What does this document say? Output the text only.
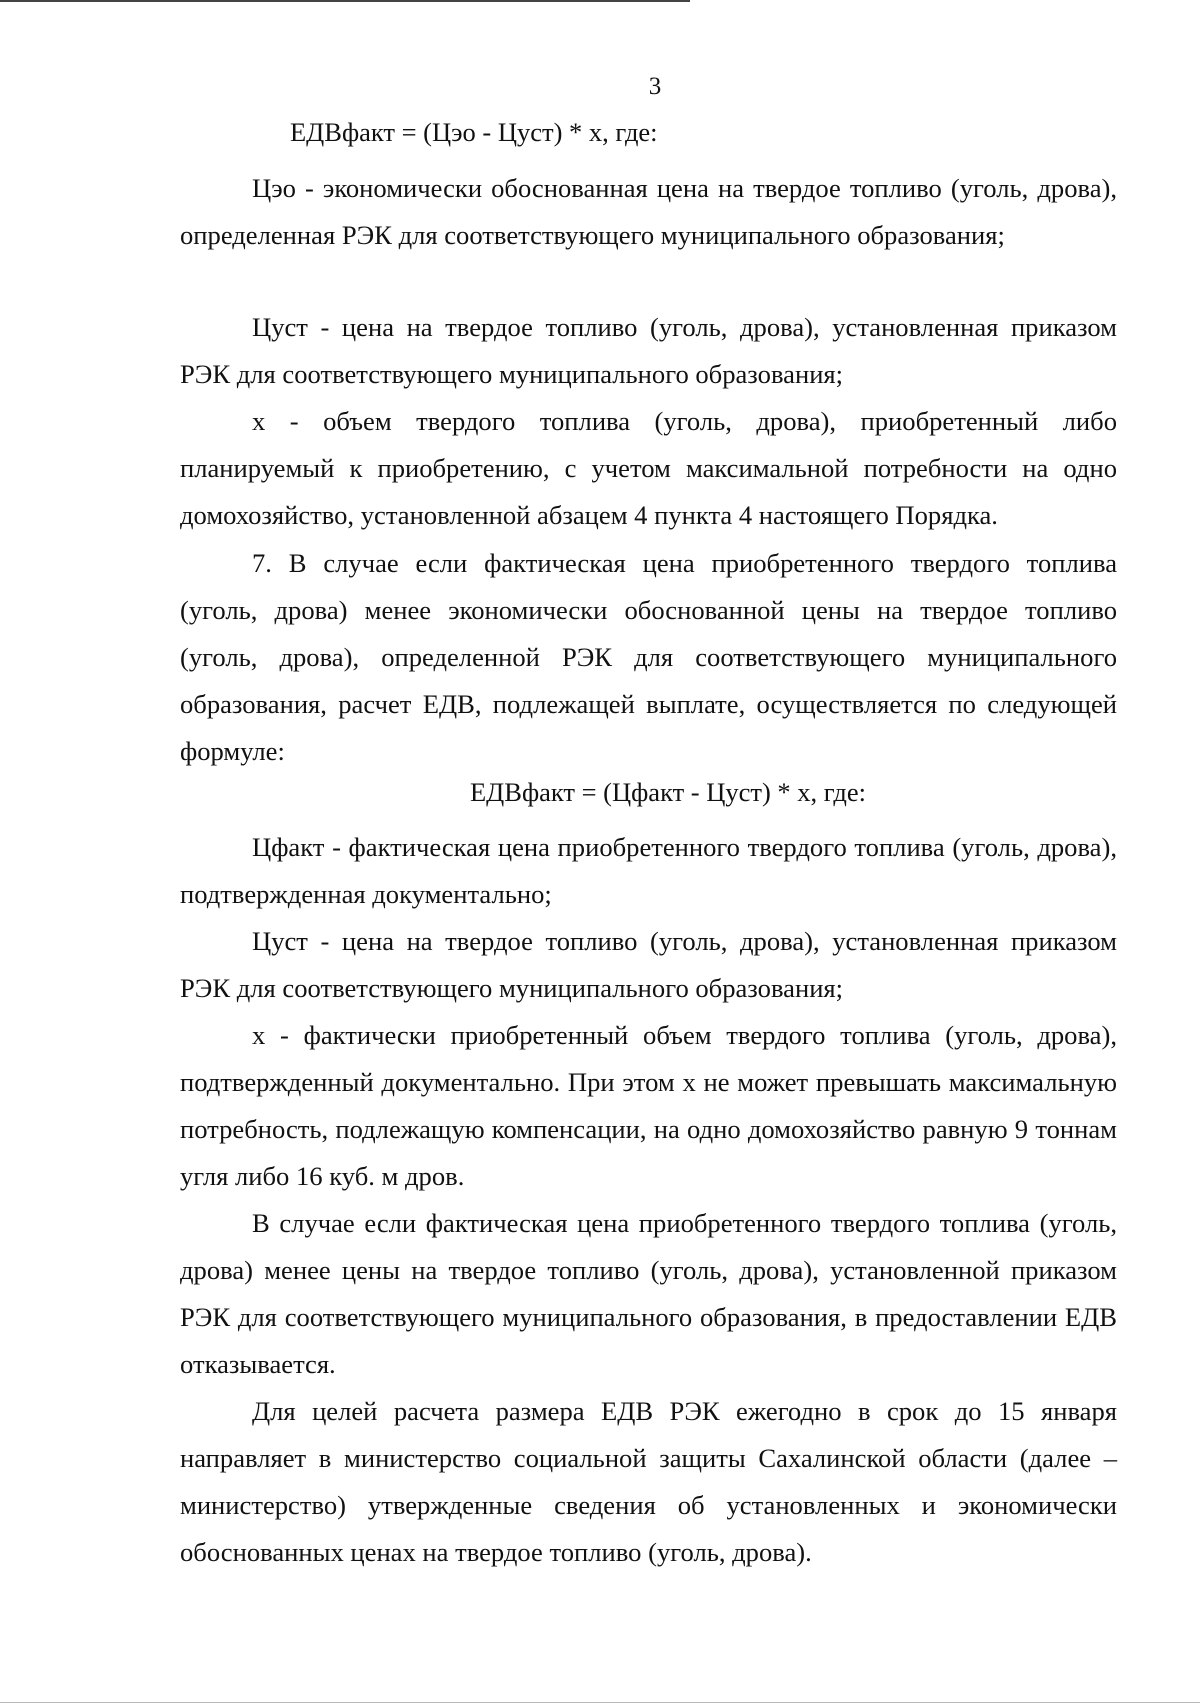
3
ЕДВфакт = (Цэо - Цуст) * х, где:

Цэо - экономически обоснованная цена на твердое топливо (уголь, дрова), определенная РЭК для соответствующего муниципального образования;

Цуст - цена на твердое топливо (уголь, дрова), установленная приказом РЭК для соответствующего муниципального образования;

х - объем твердого топлива (уголь, дрова), приобретенный либо планируемый к приобретению, с учетом максимальной потребности на одно домохозяйство, установленной абзацем 4 пункта 4 настоящего Порядка.

7. В случае если фактическая цена приобретенного твердого топлива (уголь, дрова) менее экономически обоснованной цены на твердое топливо (уголь, дрова), определенной РЭК для соответствующего муниципального образования, расчет ЕДВ, подлежащей выплате, осуществляется по следующей формуле:

ЕДВфакт = (Цфакт - Цуст) * х, где:

Цфакт - фактическая цена приобретенного твердого топлива (уголь, дрова), подтвержденная документально;

Цуст - цена на твердое топливо (уголь, дрова), установленная приказом РЭК для соответствующего муниципального образования;

х - фактически приобретенный объем твердого топлива (уголь, дрова), подтвержденный документально. При этом х не может превышать максимальную потребность, подлежащую компенсации, на одно домохозяйство равную 9 тоннам угля либо 16 куб. м дров.

В случае если фактическая цена приобретенного твердого топлива (уголь, дрова) менее цены на твердое топливо (уголь, дрова), установленной приказом РЭК для соответствующего муниципального образования, в предоставлении ЕДВ отказывается.

Для целей расчета размера ЕДВ РЭК ежегодно в срок до 15 января направляет в министерство социальной защиты Сахалинской области (далее – министерство) утвержденные сведения об установленных и экономически обоснованных ценах на твердое топливо (уголь, дрова).
